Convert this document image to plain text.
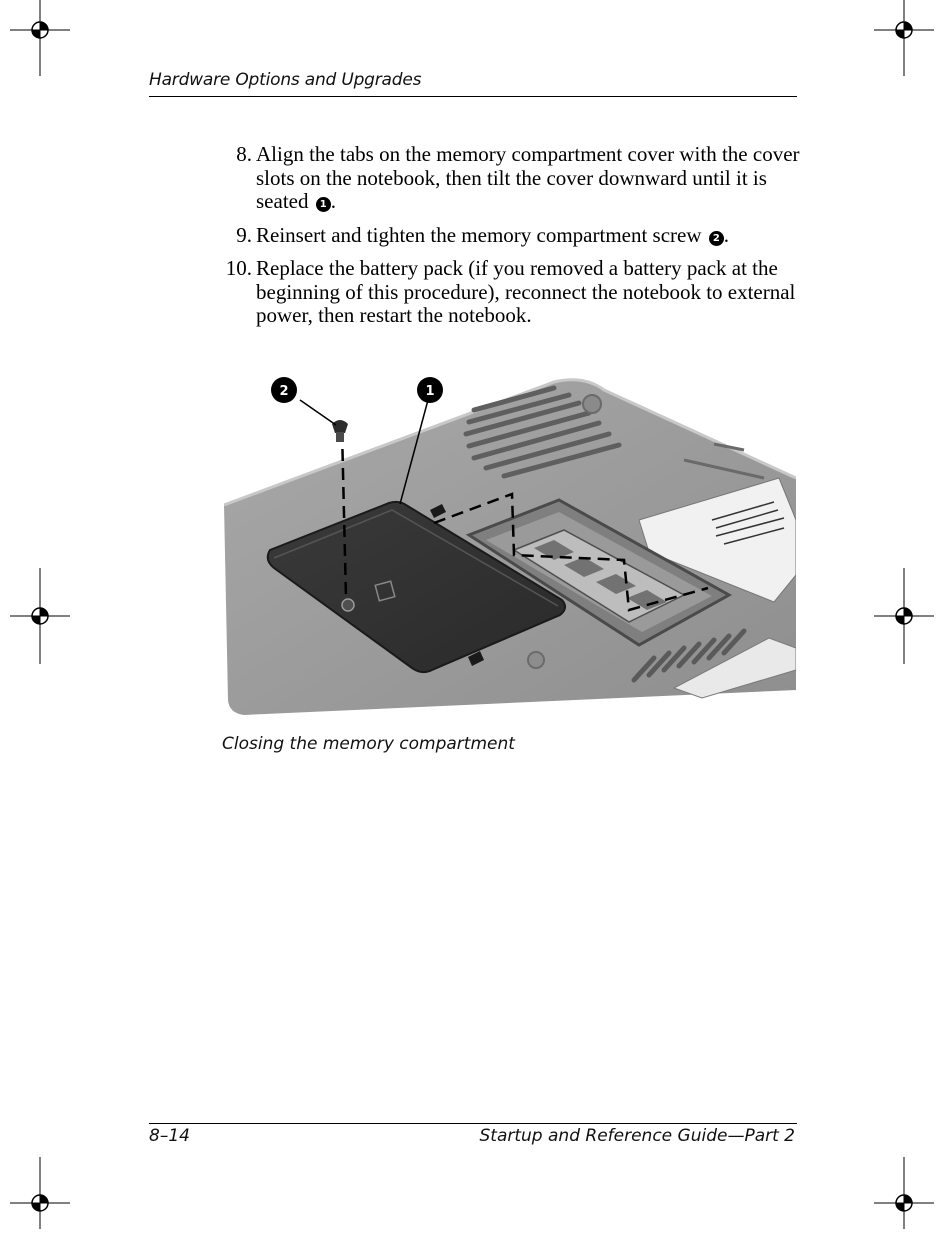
Hardware Options and Upgrades
8. Align the tabs on the memory compartment cover with the cover slots on the notebook, then tilt the cover downward until it is seated 1 .
9. Reinsert and tighten the memory compartment screw 2 .
10. Replace the battery pack (if you removed a battery pack at the beginning of this procedure), reconnect the notebook to external power, then restart the notebook.
2	1
Closing the memory compartment
8–14	Startup and Reference Guide—Part 2
